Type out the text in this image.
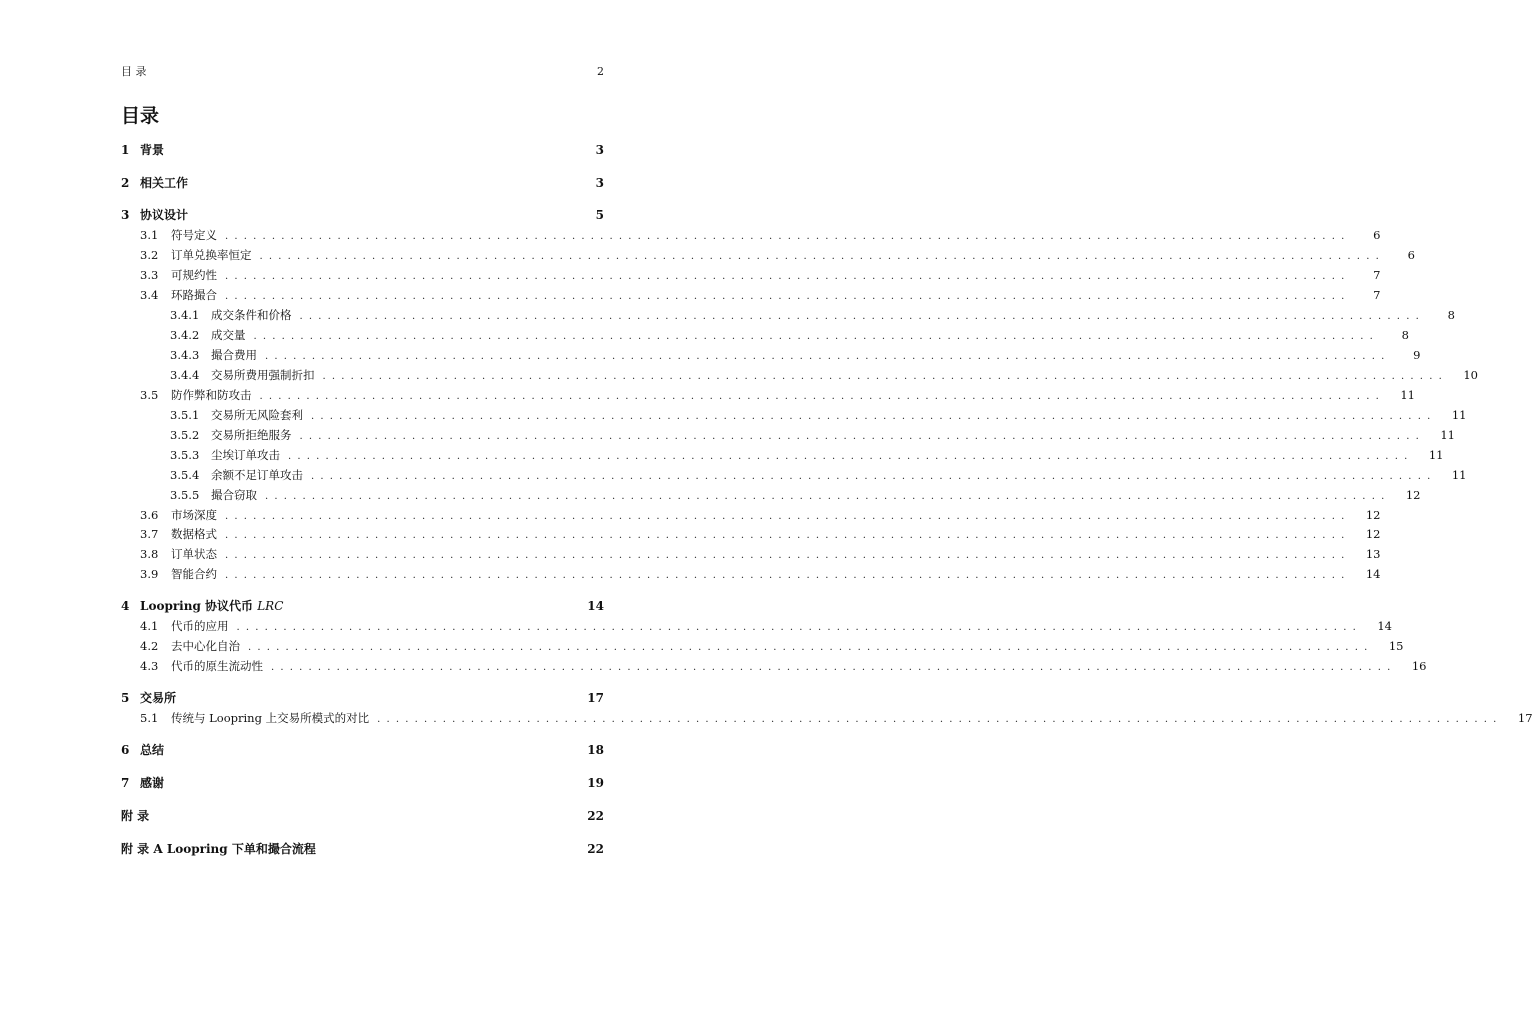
目 录	2
目录
1 背景	3
2 相关工作	3
3 协议设计	5
3.1	符号定义 ........................................................................................................................	6
3.2	订单兑换率恒定 ........................................................................................................................	6
3.3	可规约性 ........................................................................................................................	7
3.4	环路撮合 ........................................................................................................................	7
3.4.1	成交条件和价格 ........................................................................................................................	8
3.4.2	成交量 ........................................................................................................................	8
3.4.3	撮合费用 ........................................................................................................................	9
3.4.4	交易所费用强制折扣 ........................................................................................................................	10
3.5	防作弊和防攻击 ........................................................................................................................	11
3.5.1	交易所无风险套利 ........................................................................................................................	11
3.5.2	交易所拒绝服务 ........................................................................................................................	11
3.5.3	尘埃订单攻击 ........................................................................................................................	11
3.5.4	余额不足订单攻击 ........................................................................................................................	11
3.5.5	撮合窃取 ........................................................................................................................	12
3.6	市场深度 ........................................................................................................................	12
3.7	数据格式 ........................................................................................................................	12
3.8	订单状态 ........................................................................................................................	13
3.9	智能合约 ........................................................................................................................	14
4 Loopring 协议代币 LRC	14
4.1	代币的应用 ........................................................................................................................	14
4.2	去中心化自治 ........................................................................................................................	15
4.3	代币的原生流动性 ........................................................................................................................	16
5 交易所	17
5.1	传统与 Loopring 上交易所模式的对比 ........................................................................................................................	17
6 总结	18
7 感谢	19
附 录	22
附 录 A Loopring 下单和撮合流程	22
